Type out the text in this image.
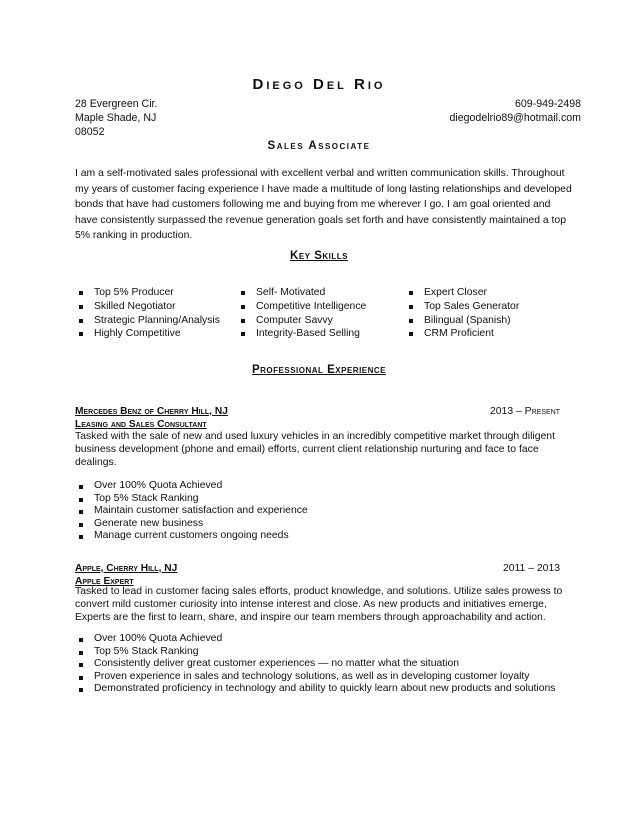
Diego Del Rio
28 Evergreen Cir.
Maple Shade, NJ
08052
609-949-2498
diegodelrio89@hotmail.com
Sales Associate
I am a self-motivated sales professional with excellent verbal and written communication skills. Throughout my years of customer facing experience I have made a multitude of long lasting relationships and developed bonds that have had customers following me and buying from me wherever I go. I am goal oriented and have consistently surpassed the revenue generation goals set forth and have consistently maintained a top 5% ranking in production.
Key Skills
Top 5% Producer
Skilled Negotiator
Strategic Planning/Analysis
Highly Competitive
Self- Motivated
Competitive Intelligence
Computer Savvy
Integrity-Based Selling
Expert Closer
Top Sales Generator
Bilingual (Spanish)
CRM Proficient
Professional Experience
Mercedes Benz of Cherry Hill, NJ	2013 – Present
Leasing and Sales Consultant
Tasked with the sale of new and used luxury vehicles in an incredibly competitive market through diligent business development (phone and email) efforts, current client relationship nurturing and face to face dealings.
Over 100% Quota Achieved
Top 5% Stack Ranking
Maintain customer satisfaction and experience
Generate new business
Manage current customers ongoing needs
Apple, Cherry Hill, NJ	2011 – 2013
Apple Expert
Tasked to lead in customer facing sales efforts, product knowledge, and solutions. Utilize sales prowess to convert mild customer curiosity into intense interest and close. As new products and initiatives emerge, Experts are the first to learn, share, and inspire our team members through approachability and action.
Over 100% Quota Achieved
Top 5% Stack Ranking
Consistently deliver great customer experiences — no matter what the situation
Proven experience in sales and technology solutions, as well as in developing customer loyalty
Demonstrated proficiency in technology and ability to quickly learn about new products and solutions
